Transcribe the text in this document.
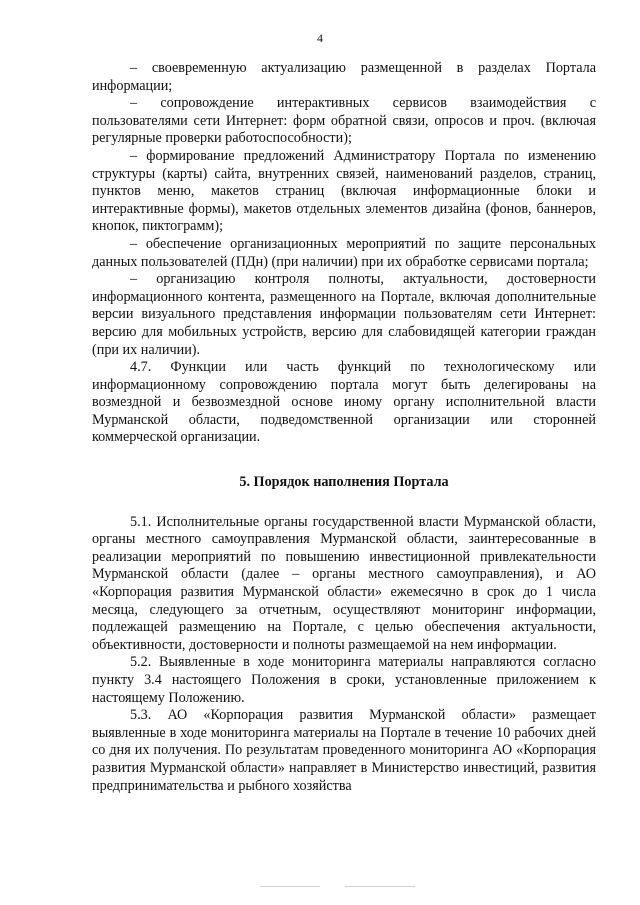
4

– своевременную актуализацию размещенной в разделах Портала информации;

– сопровождение интерактивных сервисов взаимодействия с пользователями сети Интернет: форм обратной связи, опросов и проч. (включая регулярные проверки работоспособности);

– формирование предложений Администратору Портала по изменению структуры (карты) сайта, внутренних связей, наименований разделов, страниц, пунктов меню, макетов страниц (включая информационные блоки и интерактивные формы), макетов отдельных элементов дизайна (фонов, баннеров, кнопок, пиктограмм);

– обеспечение организационных мероприятий по защите персональных данных пользователей (ПДн) (при наличии) при их обработке сервисами портала;

– организацию контроля полноты, актуальности, достоверности информационного контента, размещенного на Портале, включая дополнительные версии визуального представления информации пользователям сети Интернет: версию для мобильных устройств, версию для слабовидящей категории граждан (при их наличии).

4.7. Функции или часть функций по технологическому или информационному сопровождению портала могут быть делегированы на возмездной и безвозмездной основе иному органу исполнительной власти Мурманской области, подведомственной организации или сторонней коммерческой организации.

5. Порядок наполнения Портала

5.1. Исполнительные органы государственной власти Мурманской области, органы местного самоуправления Мурманской области, заинтересованные в реализации мероприятий по повышению инвестиционной привлекательности Мурманской области (далее – органы местного самоуправления), и АО «Корпорация развития Мурманской области» ежемесячно в срок до 1 числа месяца, следующего за отчетным, осуществляют мониторинг информации, подлежащей размещению на Портале, с целью обеспечения актуальности, объективности, достоверности и полноты размещаемой на нем информации.

5.2. Выявленные в ходе мониторинга материалы направляются согласно пункту 3.4 настоящего Положения в сроки, установленные приложением к настоящему Положению.

5.3. АО «Корпорация развития Мурманской области» размещает выявленные в ходе мониторинга материалы на Портале в течение 10 рабочих дней со дня их получения. По результатам проведенного мониторинга АО «Корпорация развития Мурманской области» направляет в Министерство инвестиций, развития предпринимательства и рыбного хозяйства
